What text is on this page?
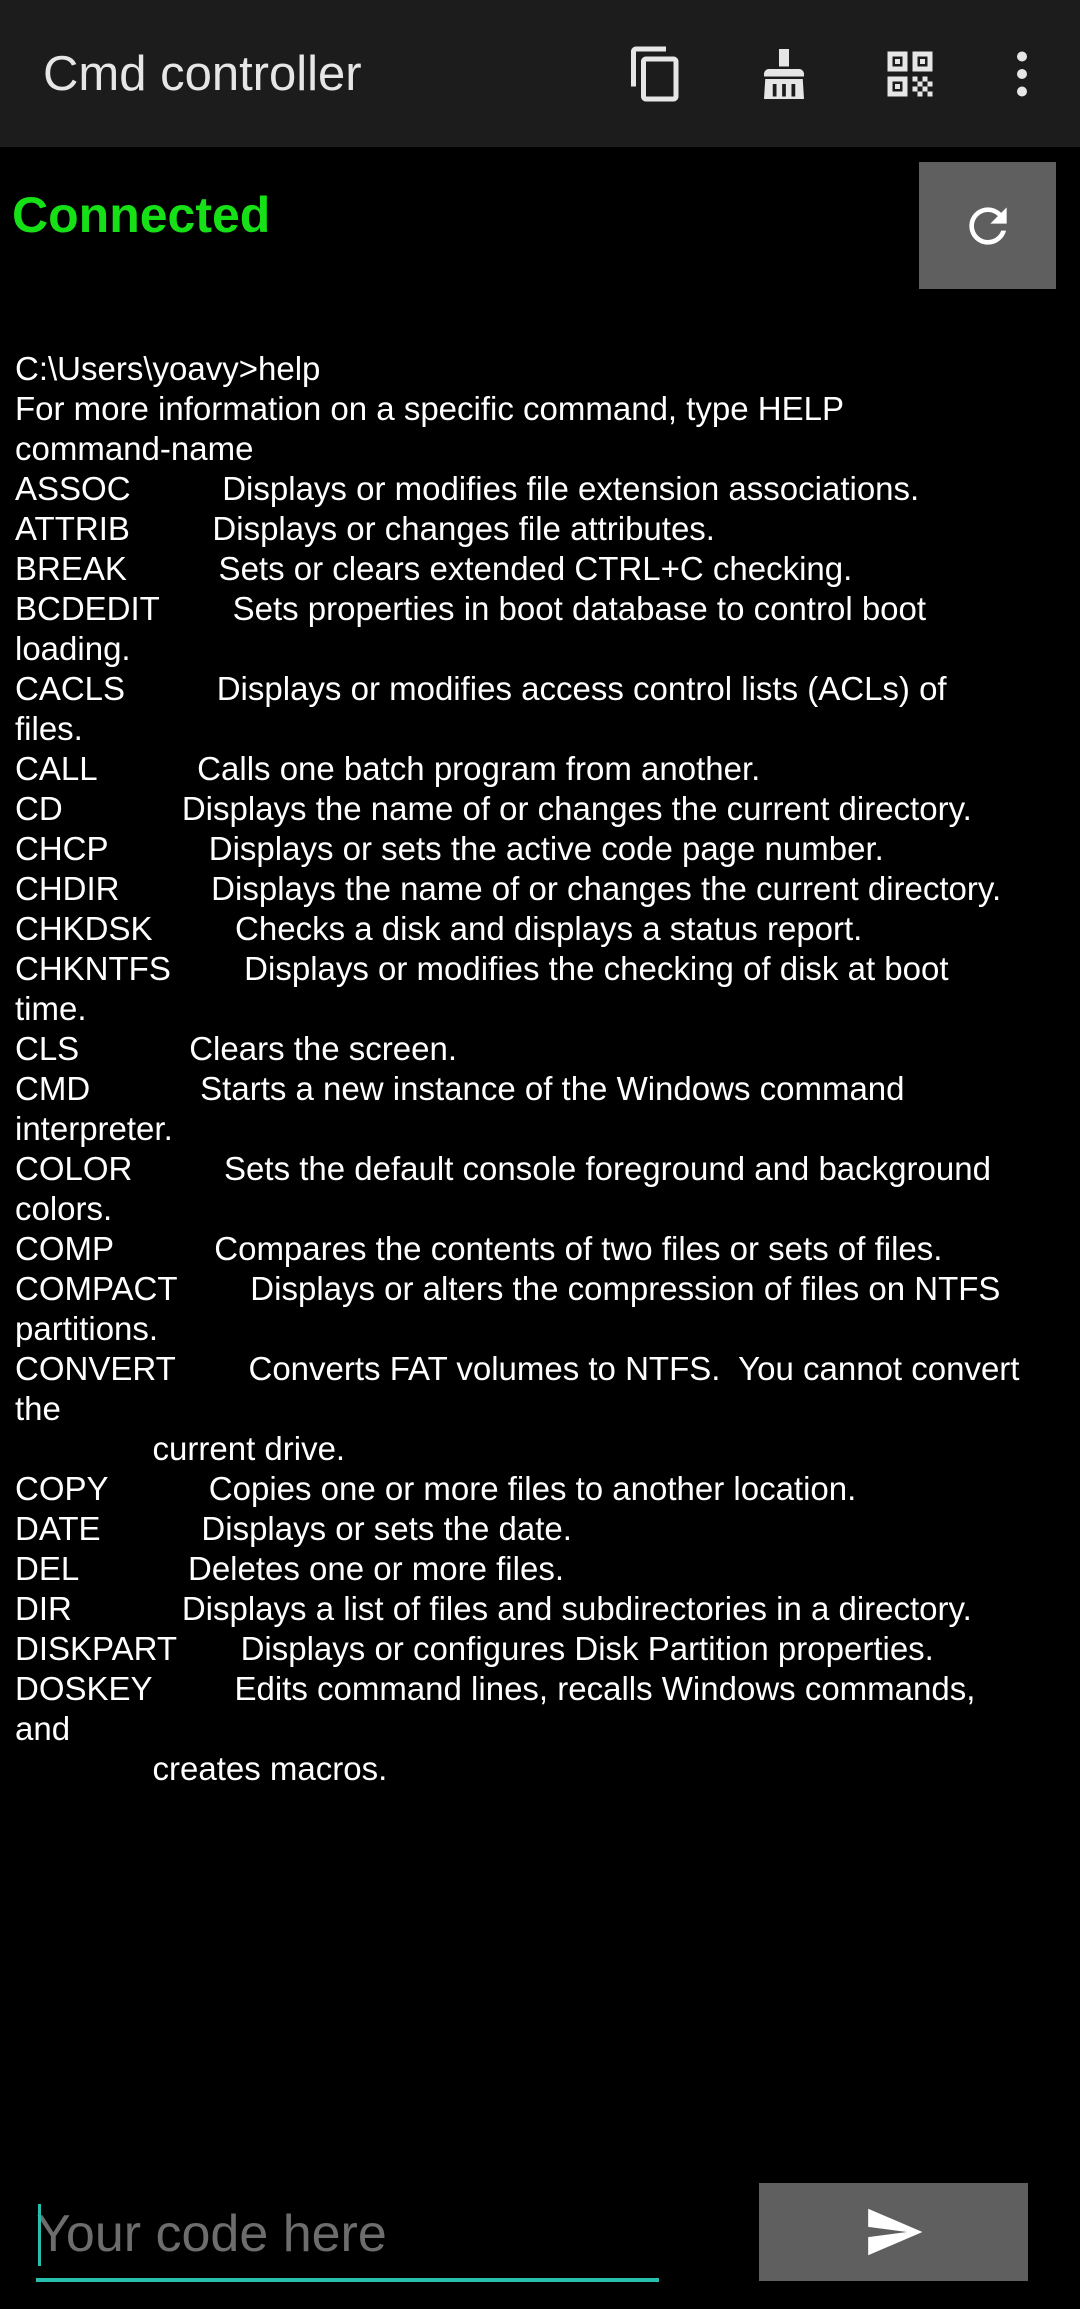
Cmd controller
Connected
C:\Users\yoavy>help
For more information on a specific command, type HELP
command-name
ASSOC          Displays or modifies file extension associations.
ATTRIB         Displays or changes file attributes.
BREAK          Sets or clears extended CTRL+C checking.
BCDEDIT        Sets properties in boot database to control boot
loading.
CACLS          Displays or modifies access control lists (ACLs) of
files.
CALL           Calls one batch program from another.
CD             Displays the name of or changes the current directory.
CHCP           Displays or sets the active code page number.
CHDIR          Displays the name of or changes the current directory.
CHKDSK         Checks a disk and displays a status report.
CHKNTFS        Displays or modifies the checking of disk at boot
time.
CLS            Clears the screen.
CMD            Starts a new instance of the Windows command
interpreter.
COLOR          Sets the default console foreground and background
colors.
COMP           Compares the contents of two files or sets of files.
COMPACT        Displays or alters the compression of files on NTFS
partitions.
CONVERT        Converts FAT volumes to NTFS.  You cannot convert
the
current drive.
COPY           Copies one or more files to another location.
DATE           Displays or sets the date.
DEL            Deletes one or more files.
DIR            Displays a list of files and subdirectories in a directory.
DISKPART       Displays or configures Disk Partition properties.
DOSKEY         Edits command lines, recalls Windows commands,
and
creates macros.
Your code here
